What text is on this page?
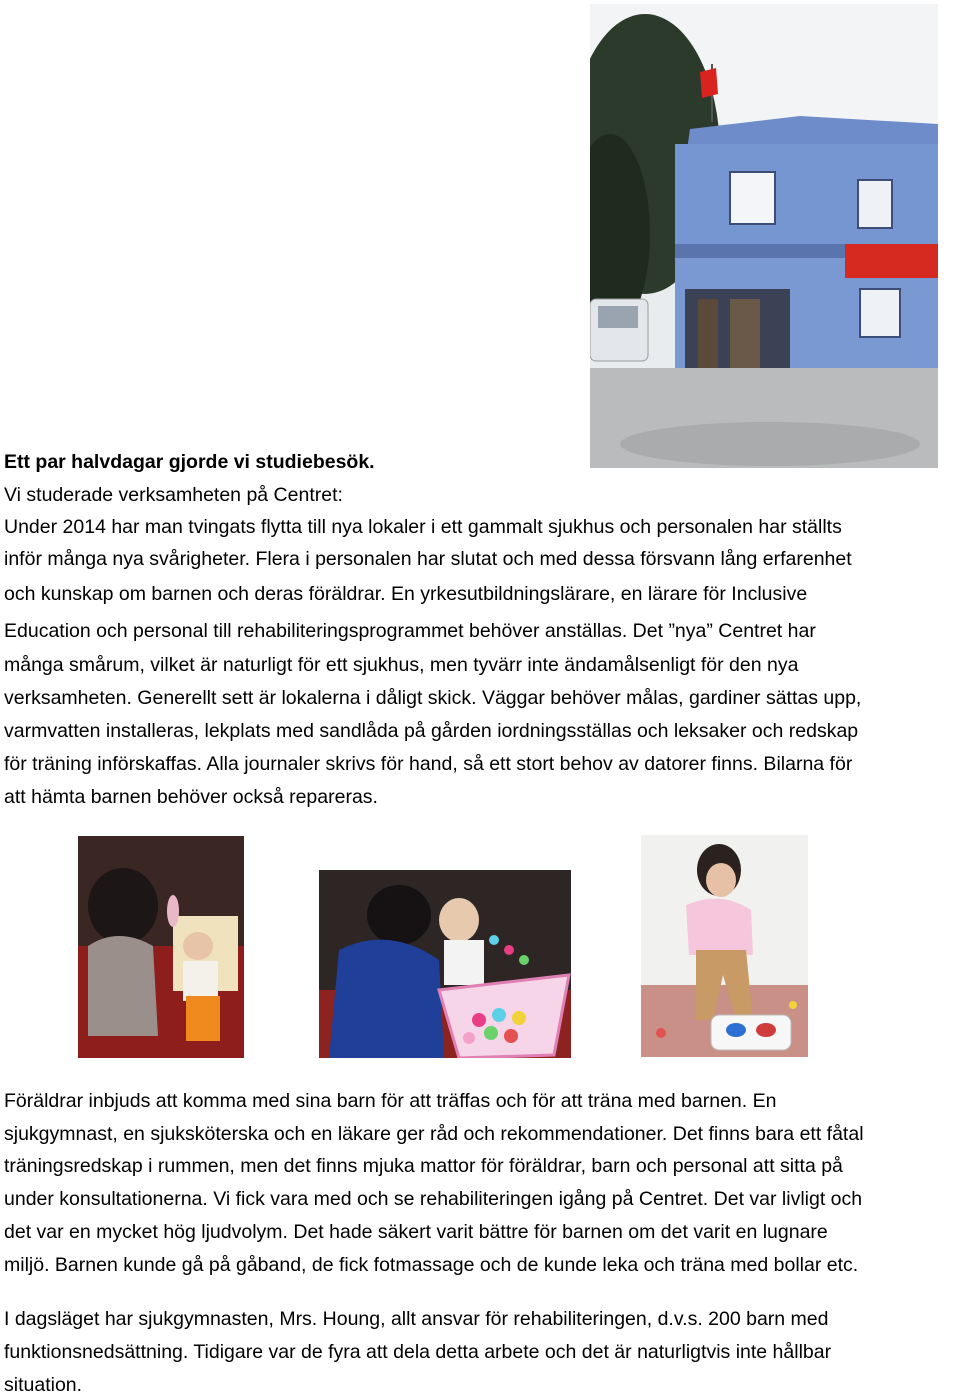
Ett par halvdagar gjorde vi studiebesök.
Vi studerade verksamheten på Centret:
Under 2014 har man tvingats flytta till nya lokaler i ett gammalt sjukhus och personalen har ställts
inför många nya svårigheter. Flera i personalen har slutat och med dessa försvann lång erfarenhet
och kunskap om barnen och deras föräldrar. En yrkesutbildningslärare, en lärare för Inclusive
Education och personal till rehabiliteringsprogrammet behöver anställas. Det ”nya” Centret har
många smårum, vilket är naturligt för ett sjukhus, men tyvärr inte ändamålsenligt för den nya
verksamheten. Generellt sett är lokalerna i dåligt skick. Väggar behöver målas, gardiner sättas upp,
varmvatten installeras, lekplats med sandlåda på gården iordningsställas och leksaker och redskap
för träning införskaffas. Alla journaler skrivs för hand, så ett stort behov av datorer finns. Bilarna för
att hämta barnen behöver också repareras.
Föräldrar inbjuds att komma med sina barn för att träffas och för att träna med barnen. En
sjukgymnast, en sjuksköterska och en läkare ger råd och rekommendationer. Det finns bara ett fåtal
träningsredskap i rummen, men det finns mjuka mattor för föräldrar, barn och personal att sitta på
under konsultationerna. Vi fick vara med och se rehabiliteringen igång på Centret. Det var livligt och
det var en mycket hög ljudvolym. Det hade säkert varit bättre för barnen om det varit en lugnare
miljö. Barnen kunde gå på gåband, de fick fotmassage och de kunde leka och träna med bollar etc.
I dagsläget har sjukgymnasten, Mrs. Houng, allt ansvar för rehabiliteringen, d.v.s. 200 barn med
funktionsnedsättning. Tidigare var de fyra att dela detta arbete och det är naturligtvis inte hållbar
situation.
